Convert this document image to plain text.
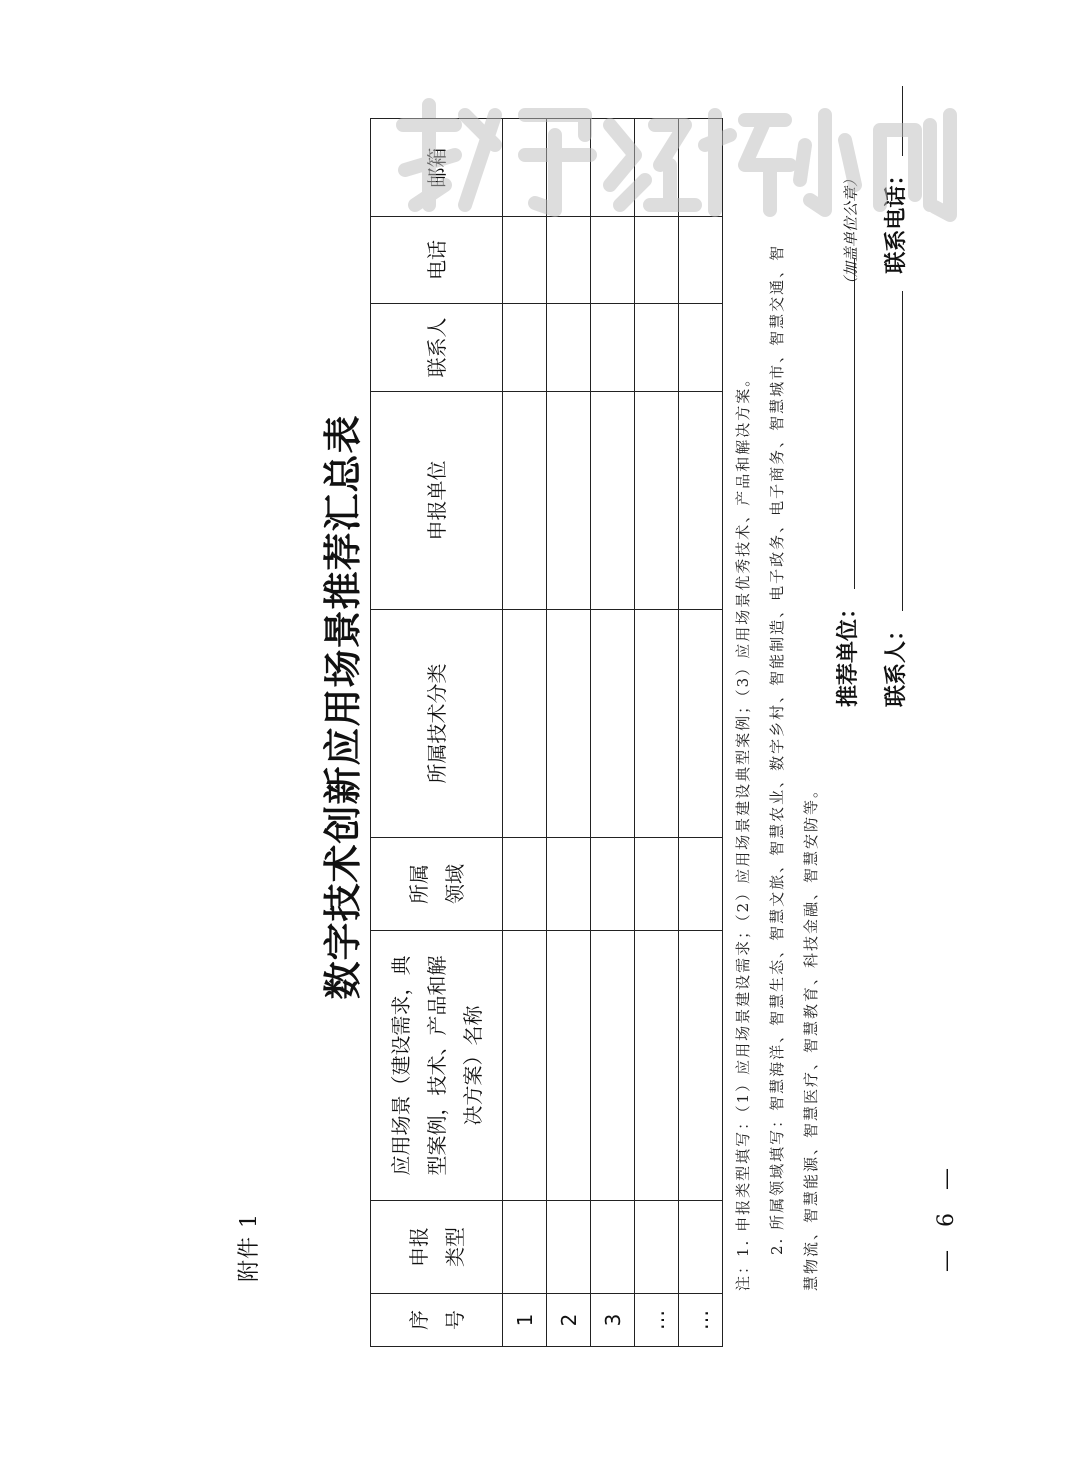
附件 1
数字技术创新应用场景推荐汇总表
序号	申报类型	应用场景（建设需求，典型案例，技术、产品和解决方案）名称	所属领域	所属技术分类	申报单位	联系人	电话	邮箱
1								
2								
3								
…								
…								
注：1. 申报类型填写：（1）应用场景建设需求；（2）应用场景建设典型案例；（3）应用场景优秀技术、产品和解决方案。	2. 所属领域填写：智慧海洋、智慧生态、智慧文旅、智慧农业、数字乡村、智能制造、电子政务、电子商务、智慧城市、智慧交通、智	慧物流、智慧能源、智慧医疗、智慧教育、科技金融、智慧安防等。
推荐单位：
（加盖单位公章）
联系人：  联系电话：
— 6 —
